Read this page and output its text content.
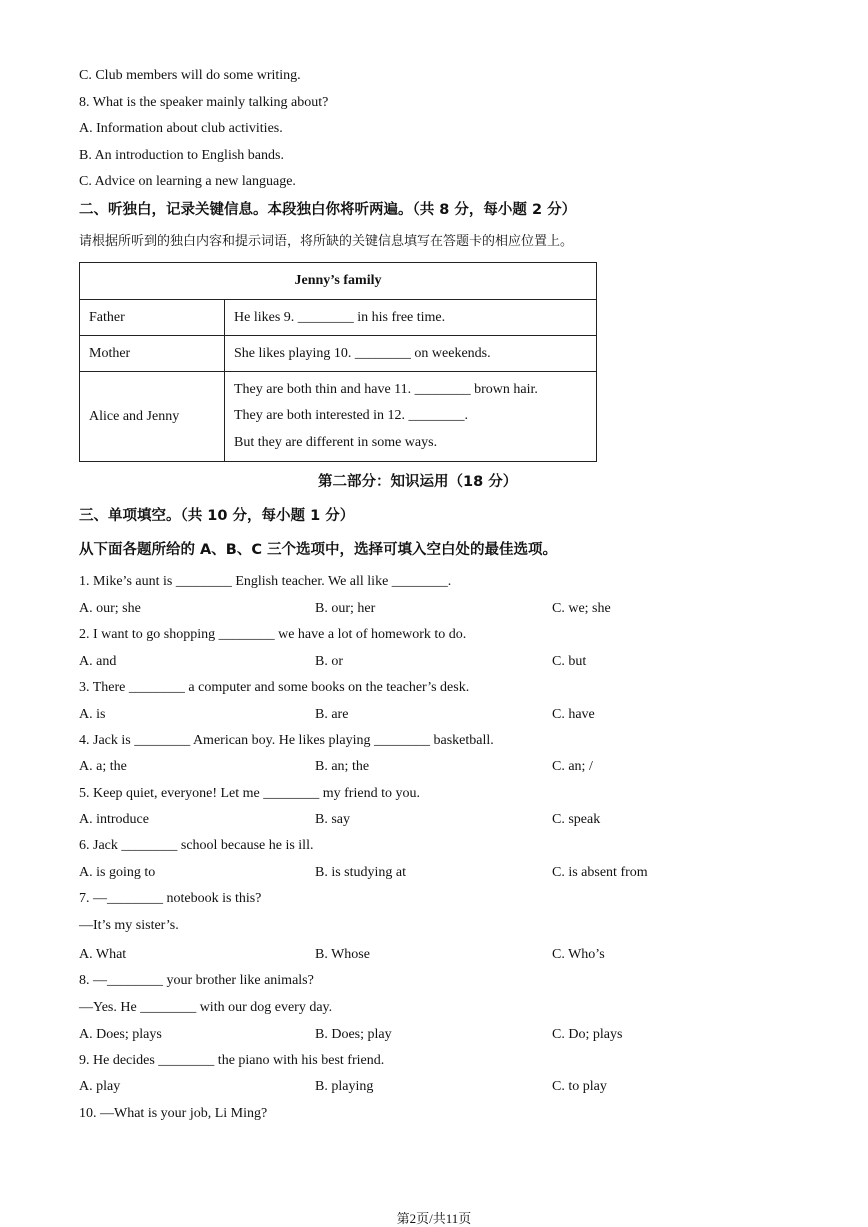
C. Club members will do some writing.
8. What is the speaker mainly talking about?
A. Information about club activities.
B. An introduction to English bands.
C. Advice on learning a new language.
二、听独白，记录关键信息。本段独白你将听两遍。（共 8 分，每小题 2 分）
请根据所听到的独白内容和提示词语，将所缺的关键信息填写在答题卡的相应位置上。
Jenny’s family	
Father	He likes 9. ________ in his free time.
Mother	She likes playing 10. ________ on weekends.
Alice and Jenny	They are both thin and have 11. ________ brown hair.
They are both interested in 12. ________.
But they are different in some ways.
第二部分：知识运用（18 分）
三、单项填空。（共 10 分，每小题 1 分）
从下面各题所给的 A、B、C 三个选项中，选择可填入空白处的最佳选项。
1. Mike’s aunt is ________ English teacher. We all like ________.
A. our; she	B. our; her	C. we; she
2. I want to go shopping ________ we have a lot of homework to do.
A. and	B. or	C. but
3. There ________ a computer and some books on the teacher’s desk.
A. is	B. are	C. have
4. Jack is ________ American boy. He likes playing ________ basketball.
A. a; the	B. an; the	C. an; /
5. Keep quiet, everyone! Let me ________ my friend to you.
A. introduce	B. say	C. speak
6. Jack ________ school because he is ill.
A. is going to	B. is studying at	C. is absent from
7. —________ notebook is this?
—It’s my sister’s.
A. What	B. Whose	C. Who’s
8. —________ your brother like animals?
—Yes. He ________ with our dog every day.
A. Does; plays	B. Does; play	C. Do; plays
9. He decides ________ the piano with his best friend.
A. play	B. playing	C. to play
10. —What is your job, Li Ming?
第2页/共11页
